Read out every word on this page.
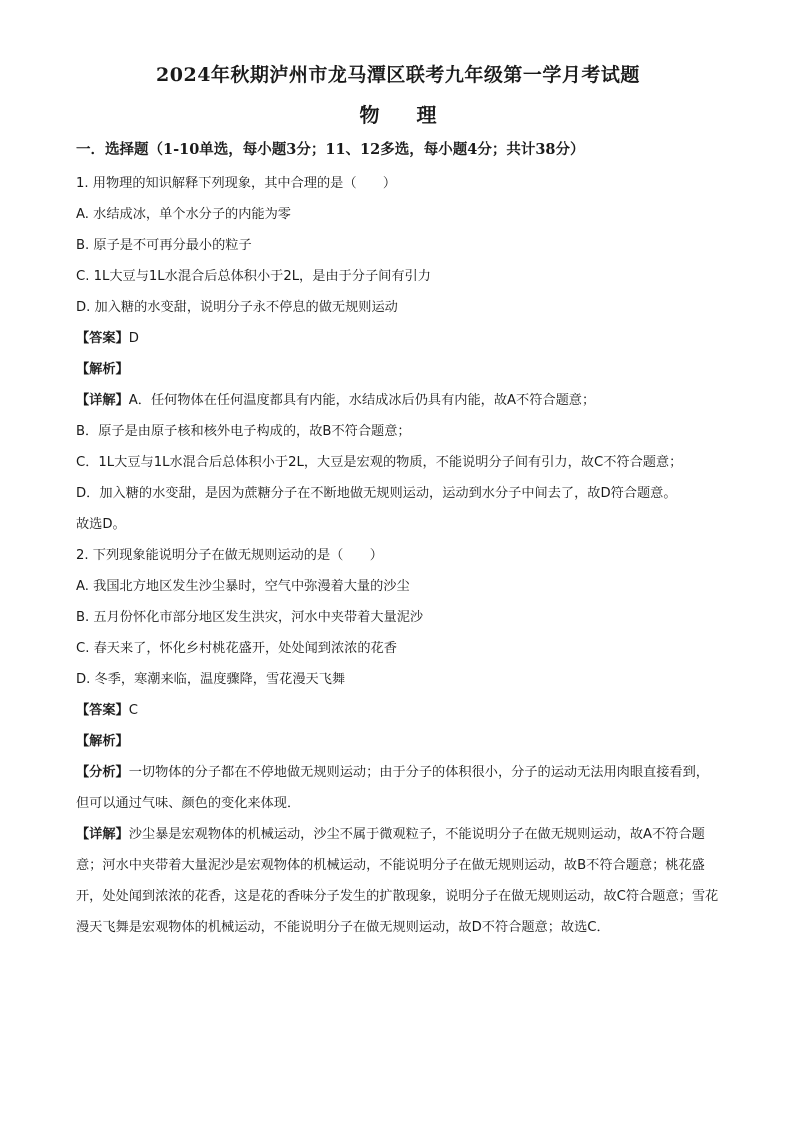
2024年秋期泸州市龙马潭区联考九年级第一学月考试题
物 理
一．选择题（1-10单选，每小题3分；11、12多选，每小题4分；共计38分）

1. 用物理的知识解释下列现象，其中合理的是（　　）

A. 水结成冰，单个水分子的内能为零

B. 原子是不可再分最小的粒子

C. 1L大豆与1L水混合后总体积小于2L，是由于分子间有引力

D. 加入糖的水变甜，说明分子永不停息的做无规则运动

【答案】D

【解析】

【详解】A．任何物体在任何温度都具有内能，水结成冰后仍具有内能，故A不符合题意；

B．原子是由原子核和核外电子构成的，故B不符合题意；

C．1L大豆与1L水混合后总体积小于2L，大豆是宏观的物质，不能说明分子间有引力，故C不符合题意；

D．加入糖的水变甜，是因为蔗糖分子在不断地做无规则运动，运动到水分子中间去了，故D符合题意。

故选D。

2. 下列现象能说明分子在做无规则运动的是（　　）

A. 我国北方地区发生沙尘暴时，空气中弥漫着大量的沙尘

B. 五月份怀化市部分地区发生洪灾，河水中夹带着大量泥沙

C. 春天来了，怀化乡村桃花盛开，处处闻到浓浓的花香

D. 冬季，寒潮来临，温度骤降，雪花漫天飞舞

【答案】C

【解析】

【分析】一切物体的分子都在不停地做无规则运动；由于分子的体积很小，分子的运动无法用肉眼直接看到，但可以通过气味、颜色的变化来体现．

【详解】沙尘暴是宏观物体的机械运动，沙尘不属于微观粒子，不能说明分子在做无规则运动，故A不符合题意；河水中夹带着大量泥沙是宏观物体的机械运动，不能说明分子在做无规则运动，故B不符合题意；桃花盛开，处处闻到浓浓的花香，这是花的香味分子发生的扩散现象，说明分子在做无规则运动，故C符合题意；雪花漫天飞舞是宏观物体的机械运动，不能说明分子在做无规则运动，故D不符合题意；故选C．
